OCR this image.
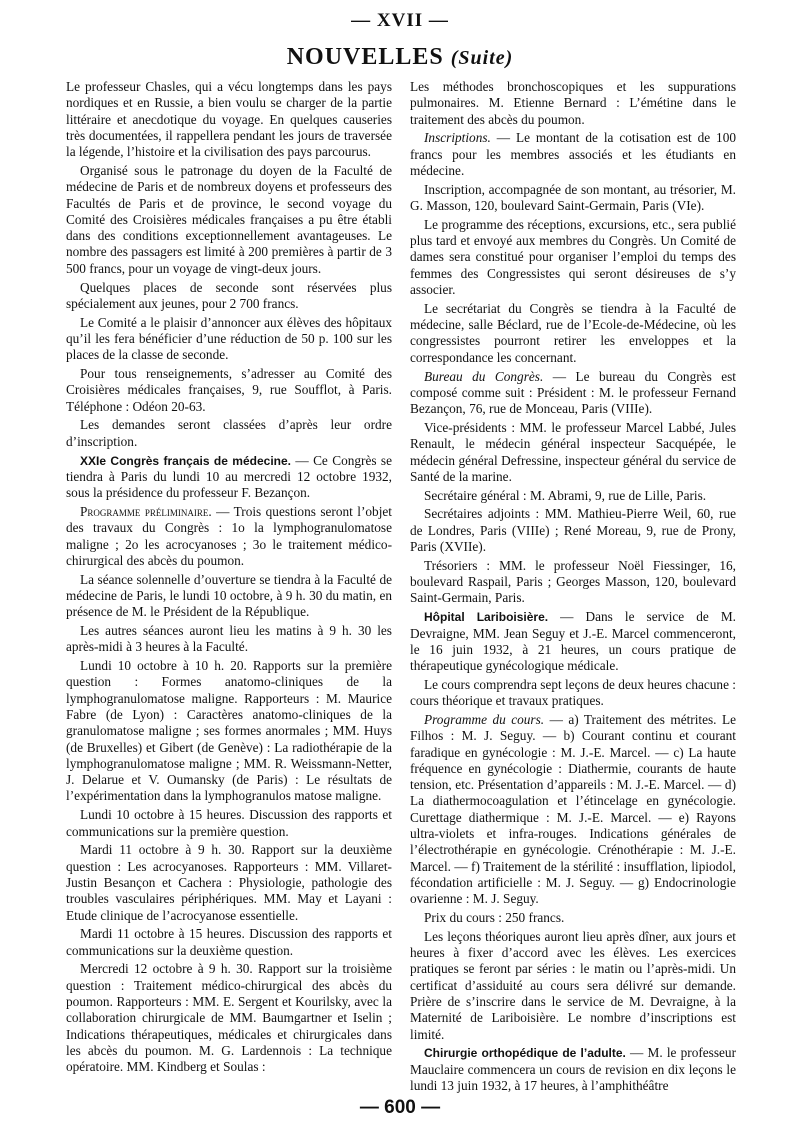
— XVII —
NOUVELLES (Suite)

Le professeur Chasles, qui a vécu longtemps dans les pays nordiques et en Russie, a bien voulu se charger de la partie littéraire et anecdotique du voyage. En quelques causeries très documentées, il rappellera pendant les jours de traversée la légende, l’histoire et la civilisation des pays parcourus.

Organisé sous le patronage du doyen de la Faculté de médecine de Paris et de nombreux doyens et professeurs des Facultés de Paris et de province, le second voyage du Comité des Croisières médicales françaises a pu être établi dans des conditions exceptionnellement avantageuses. Le nombre des passagers est limité à 200 premières à partir de 3 500 francs, pour un voyage de vingt-deux jours.

Quelques places de seconde sont réservées plus spécialement aux jeunes, pour 2 700 francs.

Le Comité a le plaisir d’annoncer aux élèves des hôpitaux qu’il les fera bénéficier d’une réduction de 50 p. 100 sur les places de la classe de seconde.

Pour tous renseignements, s’adresser au Comité des Croisières médicales françaises, 9, rue Soufflot, à Paris. Téléphone : Odéon 20-63.

Les demandes seront classées d’après leur ordre d’inscription.

XXIe Congrès français de médecine. — Ce Congrès se tiendra à Paris du lundi 10 au mercredi 12 octobre 1932, sous la présidence du professeur F. Bezançon.

Programme préliminaire. — Trois questions seront l’objet des travaux du Congrès : 1o la lymphogranulomatose maligne ; 2o les acrocyanoses ; 3o le traitement médico-chirurgical des abcès du poumon.

La séance solennelle d’ouverture se tiendra à la Faculté de médecine de Paris, le lundi 10 octobre, à 9 h. 30 du matin, en présence de M. le Président de la République.

Les autres séances auront lieu les matins à 9 h. 30 les après-midi à 3 heures à la Faculté.

Lundi 10 octobre à 10 h. 20. Rapports sur la première question : Formes anatomo-cliniques de la lymphogranulomatose maligne. Rapporteurs : M. Maurice Fabre (de Lyon) : Caractères anatomo-cliniques de la granulomatose maligne ; ses formes anormales ; MM. Huys (de Bruxelles) et Gibert (de Genève) : La radiothérapie de la lymphogranulomatose maligne ; MM. R. Weissmann-Netter, J. Delarue et V. Oumansky (de Paris) : Le résultats de l’expérimentation dans la lymphogranulos matose maligne.

Lundi 10 octobre à 15 heures. Discussion des rapports et communications sur la première question.

Mardi 11 octobre à 9 h. 30. Rapport sur la deuxième question : Les acrocyanoses. Rapporteurs : MM. Villaret-Justin Besançon et Cachera : Physiologie, pathologie des troubles vasculaires périphériques. MM. May et Layani : Etude clinique de l’acrocyanose essentielle.

Mardi 11 octobre à 15 heures. Discussion des rapports et communications sur la deuxième question.

Mercredi 12 octobre à 9 h. 30. Rapport sur la troisième question : Traitement médico-chirurgical des abcès du poumon. Rapporteurs : MM. E. Sergent et Kourilsky, avec la collaboration chirurgicale de MM. Baumgartner et Iselin ; Indications thérapeutiques, médicales et chirurgicales dans les abcès du poumon. M. G. Lardennois : La technique opératoire. MM. Kindberg et Soulas :

Les méthodes bronchoscopiques et les suppurations pulmonaires. M. Etienne Bernard : L’émétine dans le traitement des abcès du poumon.

Inscriptions. — Le montant de la cotisation est de 100 francs pour les membres associés et les étudiants en médecine.

Inscription, accompagnée de son montant, au trésorier, M. G. Masson, 120, boulevard Saint-Germain, Paris (VIe).

Le programme des réceptions, excursions, etc., sera publié plus tard et envoyé aux membres du Congrès. Un Comité de dames sera constitué pour organiser l’emploi du temps des femmes des Congressistes qui seront désireuses de s’y associer.

Le secrétariat du Congrès se tiendra à la Faculté de médecine, salle Béclard, rue de l’Ecole-de-Médecine, où les congressistes pourront retirer les enveloppes et la correspondance les concernant.

Bureau du Congrès. — Le bureau du Congrès est composé comme suit : Président : M. le professeur Fernand Bezançon, 76, rue de Monceau, Paris (VIIIe).

Vice-présidents : MM. le professeur Marcel Labbé, Jules Renault, le médecin général inspecteur Sacquépée, le médecin général Defressine, inspecteur général du service de Santé de la marine.

Secrétaire général : M. Abrami, 9, rue de Lille, Paris.

Secrétaires adjoints : MM. Mathieu-Pierre Weil, 60, rue de Londres, Paris (VIIIe) ; René Moreau, 9, rue de Prony, Paris (XVIIe).

Trésoriers : MM. le professeur Noël Fiessinger, 16, boulevard Raspail, Paris ; Georges Masson, 120, boulevard Saint-Germain, Paris.

Hôpital Lariboisière. — Dans le service de M. Devraigne, MM. Jean Seguy et J.-E. Marcel commenceront, le 16 juin 1932, à 21 heures, un cours pratique de thérapeutique gynécologique médicale.

Le cours comprendra sept leçons de deux heures chacune : cours théorique et travaux pratiques.

Programme du cours. — a) Traitement des métrites. Le Filhos : M. J. Seguy. — b) Courant continu et courant faradique en gynécologie : M. J.-E. Marcel. — c) La haute fréquence en gynécologie : Diathermie, courants de haute tension, etc. Présentation d’appareils : M. J.-E. Marcel. — d) La diathermocoagulation et l’étincelage en gynécologie. Curettage diathermique : M. J.-E. Marcel. — e) Rayons ultra-violets et infra-rouges. Indications générales de l’électrothérapie en gynécologie. Crénothérapie : M. J.-E. Marcel. — f) Traitement de la stérilité : insufflation, lipiodol, fécondation artificielle : M. J. Seguy. — g) Endocrinologie ovarienne : M. J. Seguy.

Prix du cours : 250 francs.

Les leçons théoriques auront lieu après dîner, aux jours et heures à fixer d’accord avec les élèves. Les exercices pratiques se feront par séries : le matin ou l’après-midi. Un certificat d’assiduité au cours sera délivré sur demande. Prière de s’inscrire dans le service de M. Devraigne, à la Maternité de Lariboisière. Le nombre d’inscriptions est limité.

Chirurgie orthopédique de l’adulte. — M. le professeur Mauclaire commencera un cours de revision en dix leçons le lundi 13 juin 1932, à 17 heures, à l’amphithéâtre

— 600 —
